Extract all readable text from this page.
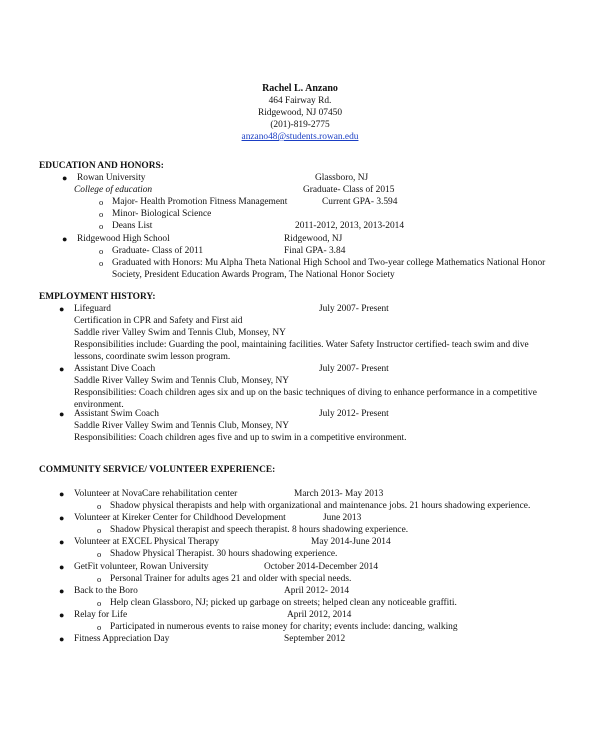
Rachel L. Anzano
464 Fairway Rd.
Ridgewood, NJ 07450
(201)-819-2775
anzano48@students.rowan.edu
EDUCATION AND HONORS:
● Rowan University	Glassboro, NJ
College of education	Graduate- Class of 2015
o Major- Health Promotion Fitness Management	Current GPA- 3.594
o Minor- Biological Science
o Deans List	2011-2012, 2013, 2013-2014
● Ridgewood High School	Ridgewood, NJ
o Graduate- Class of 2011	Final GPA- 3.84
o Graduated with Honors: Mu Alpha Theta National High School and Two-year college Mathematics National Honor
Society, President Education Awards Program, The National Honor Society
EMPLOYMENT HISTORY:
● Lifeguard	July 2007- Present
Certification in CPR and Safety and First aid
Saddle river Valley Swim and Tennis Club, Monsey, NY
Responsibilities include: Guarding the pool, maintaining facilities. Water Safety Instructor certified- teach swim and dive
lessons, coordinate swim lesson program.
● Assistant Dive Coach	July 2007- Present
Saddle River Valley Swim and Tennis Club, Monsey, NY
Responsibilities: Coach children ages six and up on the basic techniques of diving to enhance performance in a competitive
environment.
● Assistant Swim Coach	July 2012- Present
Saddle River Valley Swim and Tennis Club, Monsey, NY
Responsibilities: Coach children ages five and up to swim in a competitive environment.
COMMUNITY SERVICE/ VOLUNTEER EXPERIENCE:
● Volunteer at NovaCare rehabilitation center	March 2013- May 2013
o Shadow physical therapists and help with organizational and maintenance jobs. 21 hours shadowing experience.
● Volunteer at Kireker Center for Childhood Development	June 2013
o Shadow Physical therapist and speech therapist. 8 hours shadowing experience.
● Volunteer at EXCEL Physical Therapy	May 2014-June 2014
o Shadow Physical Therapist. 30 hours shadowing experience.
● GetFit volunteer, Rowan University	October 2014-December 2014
o Personal Trainer for adults ages 21 and older with special needs.
● Back to the Boro	April 2012- 2014
o Help clean Glassboro, NJ; picked up garbage on streets; helped clean any noticeable graffiti.
● Relay for Life	April 2012, 2014
o Participated in numerous events to raise money for charity; events include: dancing, walking
● Fitness Appreciation Day	September 2012
